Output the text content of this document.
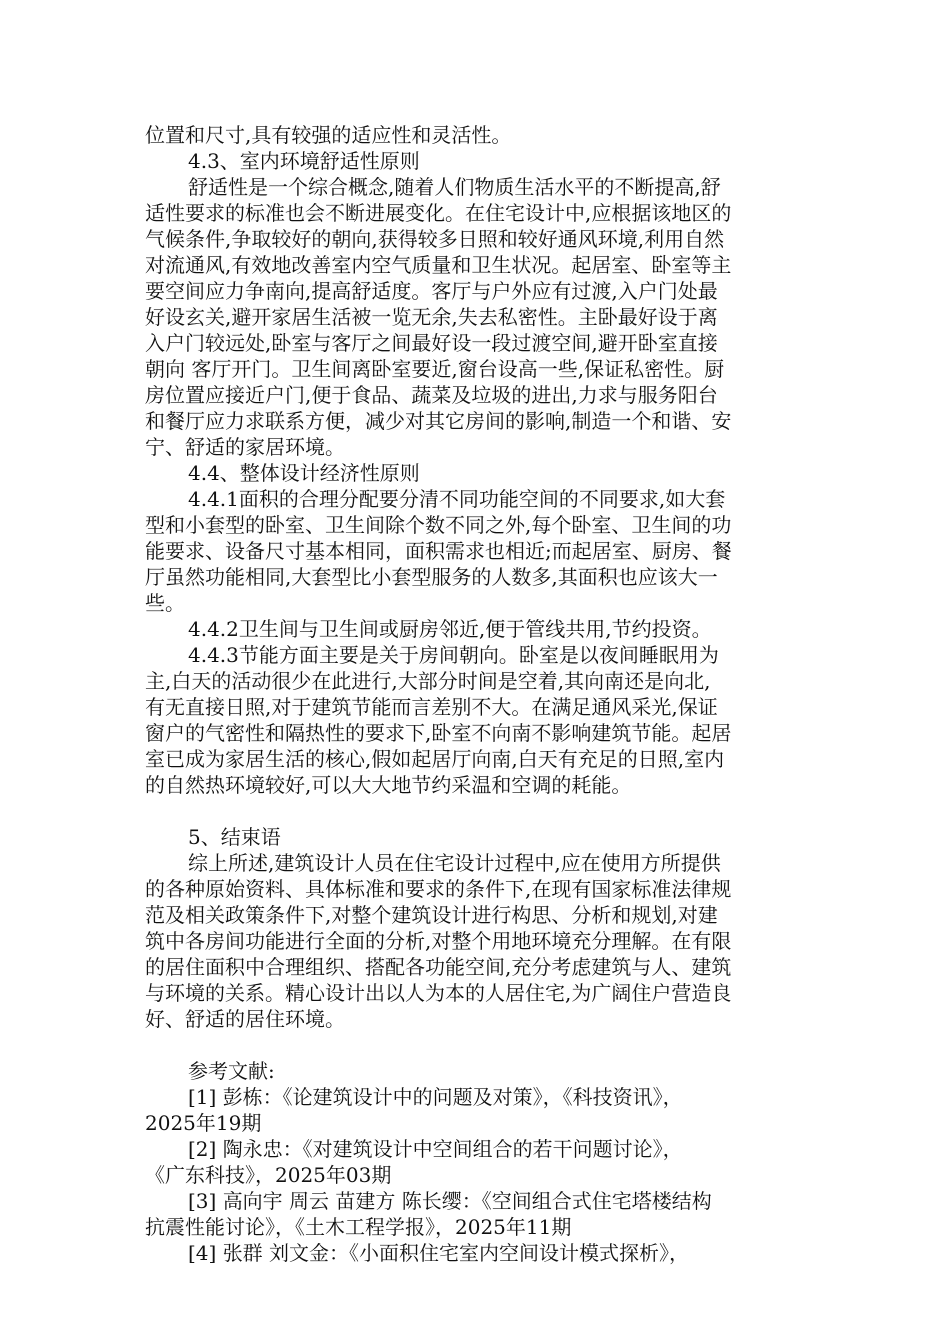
位置和尺寸,具有较强的适应性和灵活性。
4.3、室内环境舒适性原则
舒适性是一个综合概念,随着人们物质生活水平的不断提高,舒
适性要求的标准也会不断进展变化。在住宅设计中,应根据该地区的
气候条件,争取较好的朝向,获得较多日照和较好通风环境,利用自然
对流通风,有效地改善室内空气质量和卫生状况。起居室、卧室等主
要空间应力争南向,提高舒适度。客厅与户外应有过渡,入户门处最
好设玄关,避开家居生活被一览无余,失去私密性。主卧最好设于离
入户门较远处,卧室与客厅之间最好设一段过渡空间,避开卧室直接
朝向 客厅开门。卫生间离卧室要近,窗台设高一些,保证私密性。厨
房位置应接近户门,便于食品、蔬菜及垃圾的进出,力求与服务阳台
和餐厅应力求联系方便，减少对其它房间的影响,制造一个和谐、安
宁、舒适的家居环境。
4.4、整体设计经济性原则
4.4.1面积的合理分配要分清不同功能空间的不同要求,如大套
型和小套型的卧室、卫生间除个数不同之外,每个卧室、卫生间的功
能要求、设备尺寸基本相同，面积需求也相近;而起居室、厨房、餐
厅虽然功能相同,大套型比小套型服务的人数多,其面积也应该大一
些。
4.4.2卫生间与卫生间或厨房邻近,便于管线共用,节约投资。
4.4.3节能方面主要是关于房间朝向。卧室是以夜间睡眠用为
主,白天的活动很少在此进行,大部分时间是空着,其向南还是向北,
有无直接日照,对于建筑节能而言差别不大。在满足通风采光,保证
窗户的气密性和隔热性的要求下,卧室不向南不影响建筑节能。起居
室已成为家居生活的核心,假如起居厅向南,白天有充足的日照,室内
的自然热环境较好,可以大大地节约采温和空调的耗能。
5、结束语
综上所述,建筑设计人员在住宅设计过程中,应在使用方所提供
的各种原始资料、具体标准和要求的条件下,在现有国家标准法律规
范及相关政策条件下,对整个建筑设计进行构思、分析和规划,对建
筑中各房间功能进行全面的分析,对整个用地环境充分理解。在有限
的居住面积中合理组织、搭配各功能空间,充分考虑建筑与人、建筑
与环境的关系。精心设计出以人为本的人居住宅,为广阔住户营造良
好、舒适的居住环境。
参考文献:
[1] 彭栋：《论建筑设计中的问题及对策》，《科技资讯》，
2025年19期
[2] 陶永忠：《对建筑设计中空间组合的若干问题讨论》，
《广东科技》，2025年03期
[3] 高向宇 周云 苗建方 陈长缨：《空间组合式住宅塔楼结构
抗震性能讨论》，《土木工程学报》，2025年11期
[4] 张群 刘文金：《小面积住宅室内空间设计模式探析》，
